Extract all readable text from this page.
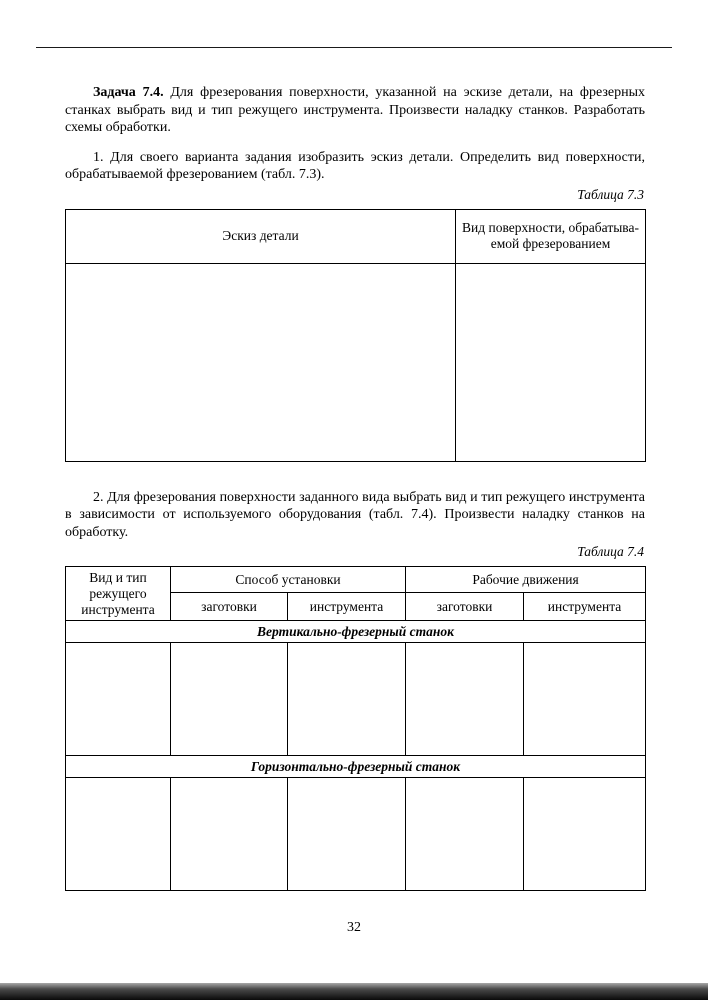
Задача 7.4. Для фрезерования поверхности, указанной на эскизе детали, на фрезерных станках выбрать вид и тип режущего инструмента. Произвести наладку станков. Разработать схемы обработки.

1. Для своего варианта задания изобразить эскиз детали. Определить вид поверхности, обрабатываемой фрезерованием (табл. 7.3).

Таблица 7.3
Эскиз детали	Вид поверхности, обрабатыва-емой фрезерованием

2. Для фрезерования поверхности заданного вида выбрать вид и тип режущего инструмента в зависимости от используемого оборудования (табл. 7.4). Произвести наладку станков на обработку.

Таблица 7.4
Вид и тип режущего инструмента	Способ установки		Рабочие движения	
	заготовки	инструмента	заготовки	инструмента
Вертикально-фрезерный станок				

Горизонтально-фрезерный станок				

32
